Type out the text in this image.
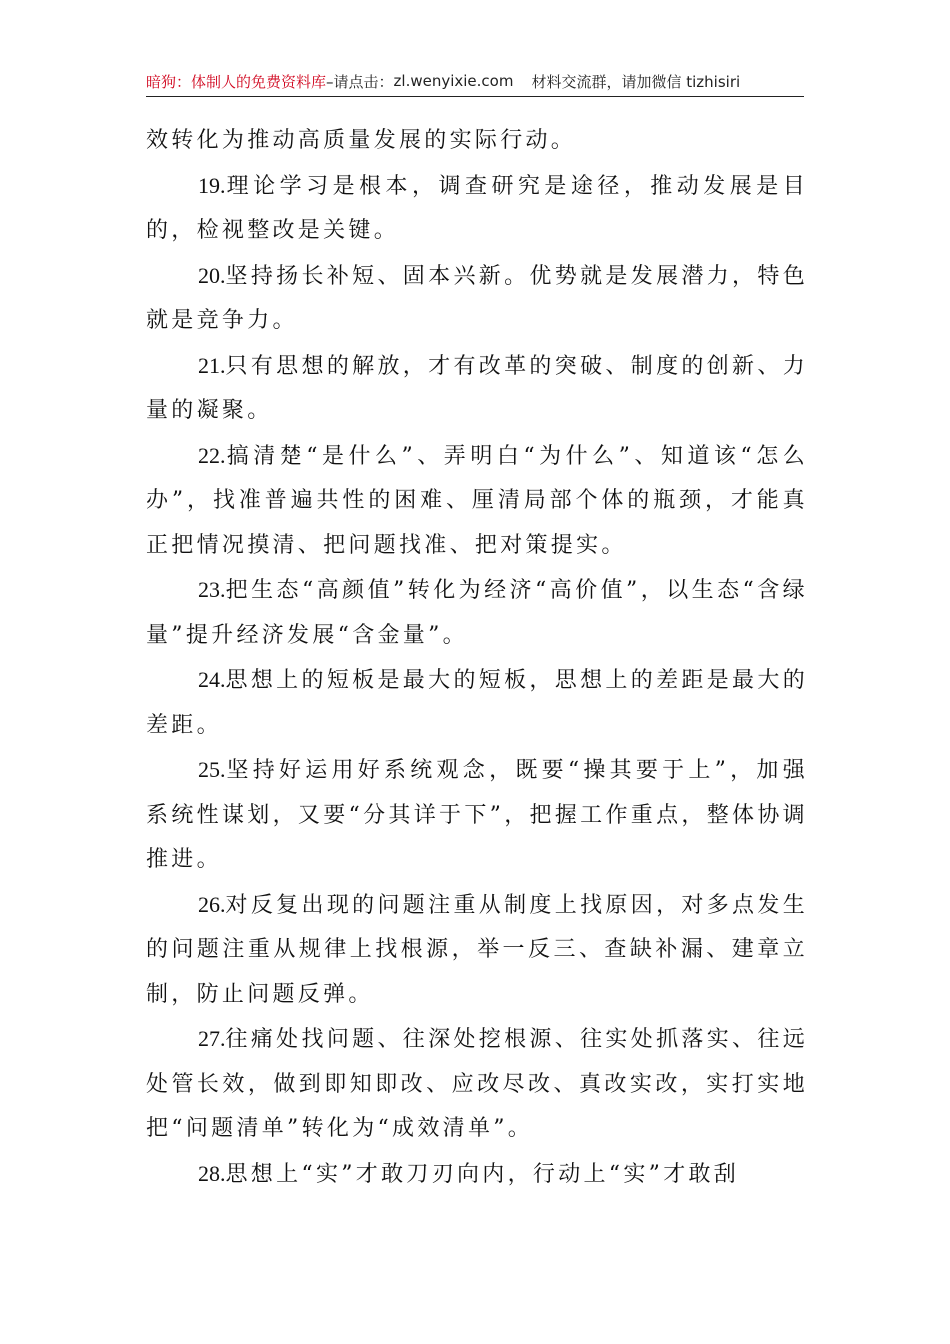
暗狗：体制人的免费资料库 –请点击： zl.wenyixie.com 材料交流群，请加微信 tizhisiri

效转化为推动高质量发展的实际行动。

19.理论学习是根本，调查研究是途径，推动发展是目的，检视整改是关键。

20.坚持扬长补短、固本兴新。优势就是发展潜力，特色就是竞争力。

21.只有思想的解放，才有改革的突破、制度的创新、力量的凝聚。

22.搞清楚“是什么”、弄明白“为什么”、知道该“怎么办”，找准普遍共性的困难、厘清局部个体的瓶颈，才能真正把情况摸清、把问题找准、把对策提实。

23.把生态“高颜值”转化为经济“高价值”，以生态“含绿量”提升经济发展“含金量”。

24.思想上的短板是最大的短板，思想上的差距是最大的差距。

25.坚持好运用好系统观念，既要“操其要于上”，加强系统性谋划，又要“分其详于下”，把握工作重点，整体协调推进。

26.对反复出现的问题注重从制度上找原因，对多点发生的问题注重从规律上找根源，举一反三、查缺补漏、建章立制，防止问题反弹。

27.往痛处找问题、往深处挖根源、往实处抓落实、往远处管长效，做到即知即改、应改尽改、真改实改，实打实地把“问题清单”转化为“成效清单”。

28.思想上“实”才敢刀刃向内，行动上“实”才敢刮
